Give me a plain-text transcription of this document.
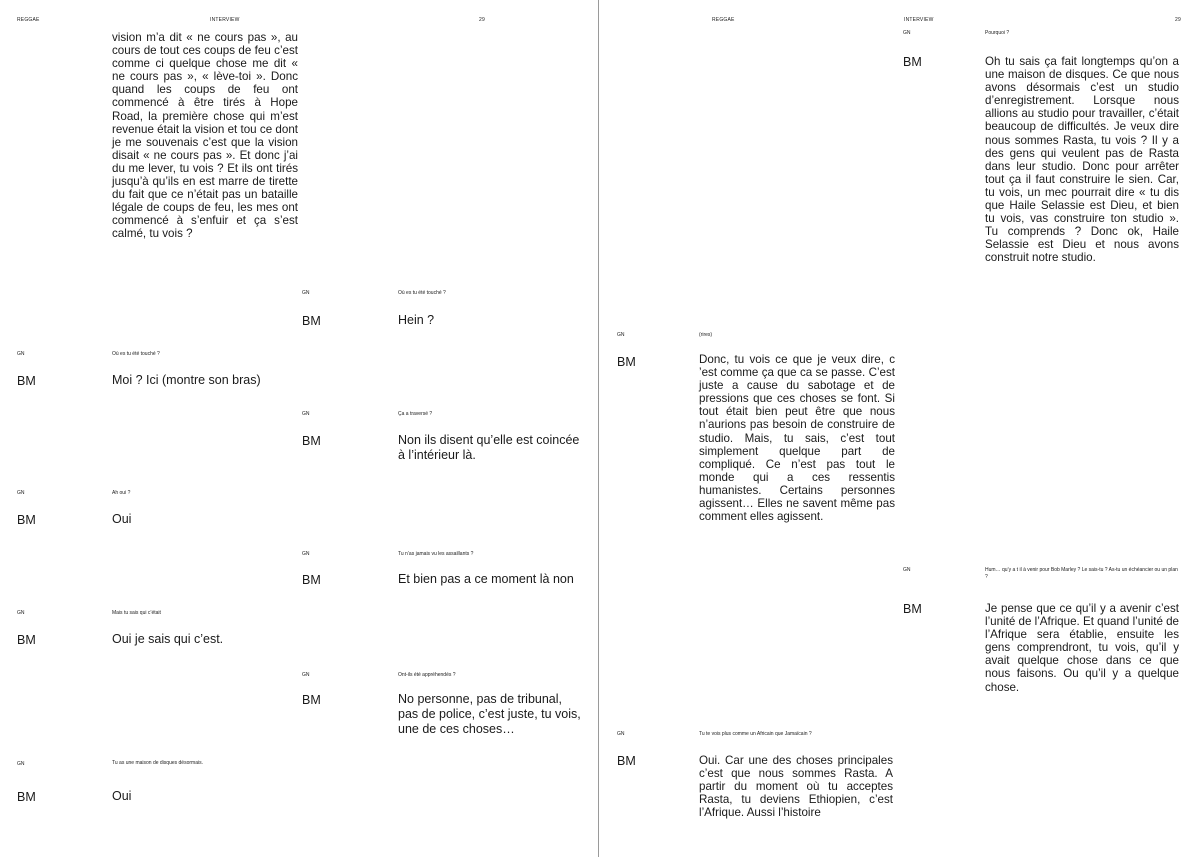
REGGAE	INTERVIEW	29
vision m’a dit « ne cours pas », au cours de tout ces coups de feu c’est comme ci quelque chose me dit « ne cours pas », « lève-toi ». Donc quand les coups de feu ont commencé à être tirés à Hope Road, la première chose qui m’est revenue était la vision et tou ce dont je me souvenais c’est que la vision disait « ne cours pas ». Et donc j’ai du me lever, tu vois ? Et ils ont tirés jusqu’à qu’ils en est marre de tirette du fait que ce n’était pas un bataille légale de coups de feu, les mes ont commencé à s’enfuir et ça s’est calmé, tu vois ?
GN	Où es tu été touché ?
BM	Hein ?
GN	Où es tu été touché ?
BM	Moi ? Ici (montre son bras)
GN	Ça a traversé ?
BM	Non ils disent qu’elle est coincée à l’intérieur là.
GN	Ah oui ?
BM	Oui
GN	Tu n’as jamais vu les assaillants ?
BM	Et bien pas a ce moment là non
GN	Mais tu sais qui c’était
BM	Oui je sais qui c’est.
GN	Ont-ils été appréhendés ?
BM	No personne, pas de tribunal, pas de police, c’est juste, tu vois, une de ces choses…
GN	Tu as une maison de disques désormais.
BM	Oui
REGGAE	INTERVIEW	29
GN	Pourquoi ?
BM	Oh tu sais ça fait longtemps qu’on a une maison de disques. Ce que nous avons désormais c’est un studio d’enregistrement. Lorsque nous allions au studio pour travailler, c’était beaucoup de difficultés. Je veux dire nous sommes Rasta, tu vois ? Il y a des gens qui veulent pas de Rasta dans leur studio. Donc pour arrêter tout ça il faut construire le sien. Car, tu vois, un mec pourrait dire « tu dis que Haile Selassie est Dieu, et bien tu vois, vas construire ton studio ». Tu comprends ? Donc ok, Haile Selassie est Dieu et nous avons construit notre studio.
GN	(rires)
BM	Donc, tu vois ce que je veux dire, c ’est comme ça que ca se passe. C’est juste a cause du sabotage et de pressions que ces choses se font. Si tout était bien peut être que nous n’aurions pas besoin de construire de studio. Mais, tu sais, c’est tout simplement quelque part de compliqué. Ce n’est pas tout le monde qui a ces ressentis humanistes. Certains personnes agissent… Elles ne savent même pas comment elles agissent.
GN	Hum… qu’y a t il à venir pour Bob Marley ? Le sais-tu ? As-tu un échéancier ou un plan ?
BM	Je pense que ce qu’il y a avenir c’est l’unité de l’Afrique. Et quand l’unité de l’Afrique sera établie, ensuite les gens comprendront, tu vois, qu’il y avait quelque chose dans ce que nous faisons. Ou qu’il y a quelque chose.
GN	Tu te vois plus comme un Africain que Jamaïcain ?
BM	Oui. Car une des choses principales c’est que nous sommes Rasta. A partir du moment où tu acceptes Rasta, tu deviens Ethiopien, c’est l’Afrique. Aussi l’histoire
